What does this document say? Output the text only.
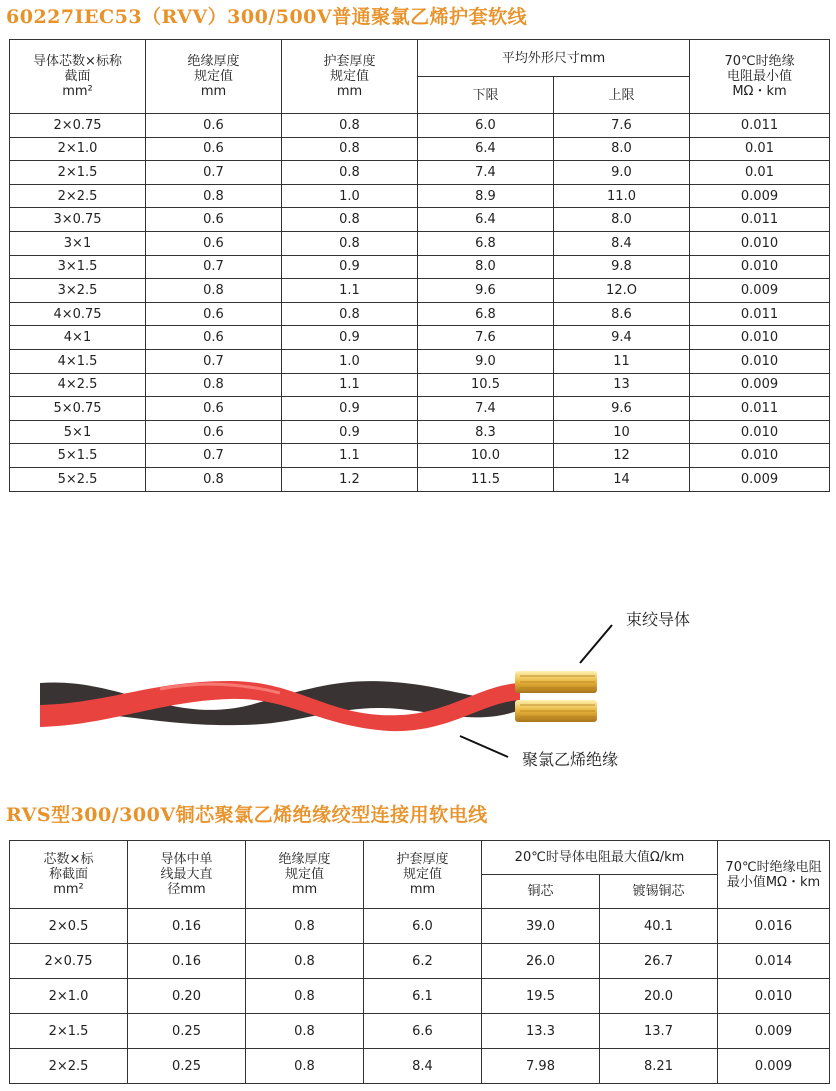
60227IEC53（RVV）300/500V普通聚氯乙烯护套软线
导体芯数×标称
截面
mm²	绝缘厚度
规定值
mm	护套厚度
规定值
mm	平均外形尺寸mm		70℃时绝缘
电阻最小值
MΩ・km
			下限	上限	
2×0.75	0.6	0.8	6.0	7.6	0.011
2×1.0	0.6	0.8	6.4	8.0	0.01
2×1.5	0.7	0.8	7.4	9.0	0.01
2×2.5	0.8	1.0	8.9	11.0	0.009
3×0.75	0.6	0.8	6.4	8.0	0.011
3×1	0.6	0.8	6.8	8.4	0.010
3×1.5	0.7	0.9	8.0	9.8	0.010
3×2.5	0.8	1.1	9.6	12.O	0.009
4×0.75	0.6	0.8	6.8	8.6	0.011
4×1	0.6	0.9	7.6	9.4	0.010
4×1.5	0.7	1.0	9.0	11	0.010
4×2.5	0.8	1.1	10.5	13	0.009
5×0.75	0.6	0.9	7.4	9.6	0.011
5×1	0.6	0.9	8.3	10	0.010
5×1.5	0.7	1.1	10.0	12	0.010
5×2.5	0.8	1.2	11.5	14	0.009
束绞导体
聚氯乙烯绝缘
RVS型300/300V铜芯聚氯乙烯绝缘绞型连接用软电线
芯数×标
称截面
mm²	导体中单
线最大直
径mm	绝缘厚度
规定值
mm	护套厚度
规定值
mm	20℃时导体电阻最大值Ω/km		70℃时绝缘电阻
最小值MΩ・km
				铜芯	镀锡铜芯	
2×0.5	0.16	0.8	6.0	39.0	40.1	0.016
2×0.75	0.16	0.8	6.2	26.0	26.7	0.014
2×1.0	0.20	0.8	6.1	19.5	20.0	0.010
2×1.5	0.25	0.8	6.6	13.3	13.7	0.009
2×2.5	0.25	0.8	8.4	7.98	8.21	0.009
